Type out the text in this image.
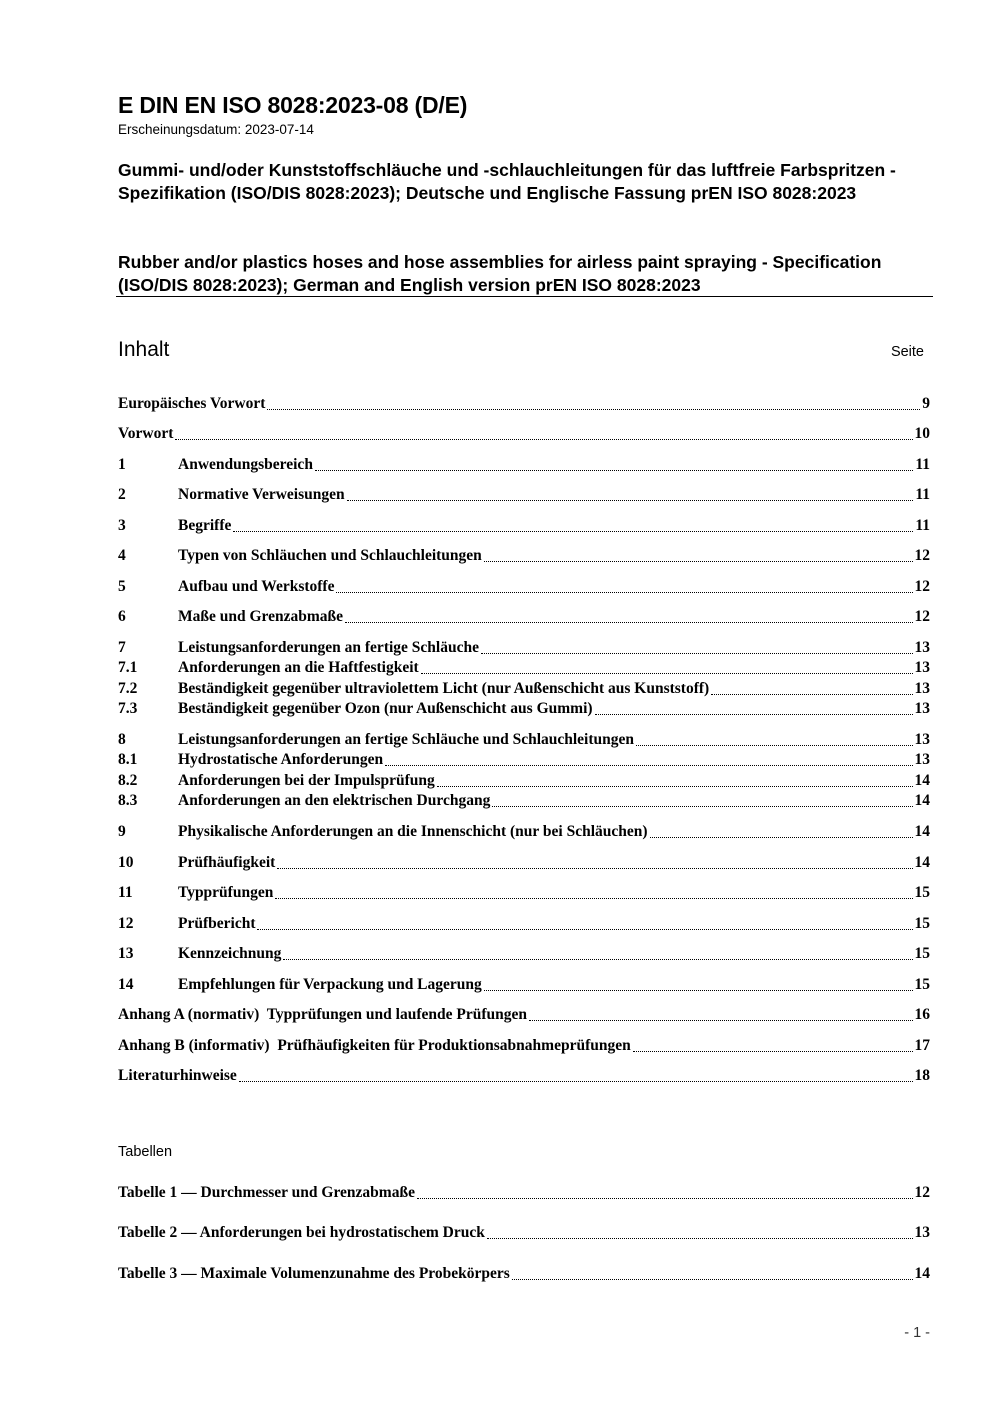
E DIN EN ISO 8028:2023-08 (D/E)
Erscheinungsdatum: 2023-07-14
Gummi- und/oder Kunststoffschläuche und -schlauchleitungen für das luftfreie Farbspritzen - Spezifikation (ISO/DIS 8028:2023); Deutsche und Englische Fassung prEN ISO 8028:2023
Rubber and/or plastics hoses and hose assemblies for airless paint spraying - Specification (ISO/DIS 8028:2023); German and English version prEN ISO 8028:2023
Inhalt	Seite
Europäisches Vorwort	9
Vorwort	10
1	Anwendungsbereich	11
2	Normative Verweisungen	11
3	Begriffe	11
4	Typen von Schläuchen und Schlauchleitungen	12
5	Aufbau und Werkstoffe	12
6	Maße und Grenzabmaße	12
7	Leistungsanforderungen an fertige Schläuche	13
7.1	Anforderungen an die Haftfestigkeit	13
7.2	Beständigkeit gegenüber ultraviolettem Licht (nur Außenschicht aus Kunststoff)	13
7.3	Beständigkeit gegenüber Ozon (nur Außenschicht aus Gummi)	13
8	Leistungsanforderungen an fertige Schläuche und Schlauchleitungen	13
8.1	Hydrostatische Anforderungen	13
8.2	Anforderungen bei der Impulsprüfung	14
8.3	Anforderungen an den elektrischen Durchgang	14
9	Physikalische Anforderungen an die Innenschicht (nur bei Schläuchen)	14
10	Prüfhäufigkeit	14
11	Typprüfungen	15
12	Prüfbericht	15
13	Kennzeichnung	15
14	Empfehlungen für Verpackung und Lagerung	15
Anhang A (normativ)  Typprüfungen und laufende Prüfungen	16
Anhang B (informativ)  Prüfhäufigkeiten für Produktionsabnahmeprüfungen	17
Literaturhinweise	18
Tabellen
Tabelle 1 — Durchmesser und Grenzabmaße	12
Tabelle 2 — Anforderungen bei hydrostatischem Druck	13
Tabelle 3 — Maximale Volumenzunahme des Probekörpers	14
- 1 -
